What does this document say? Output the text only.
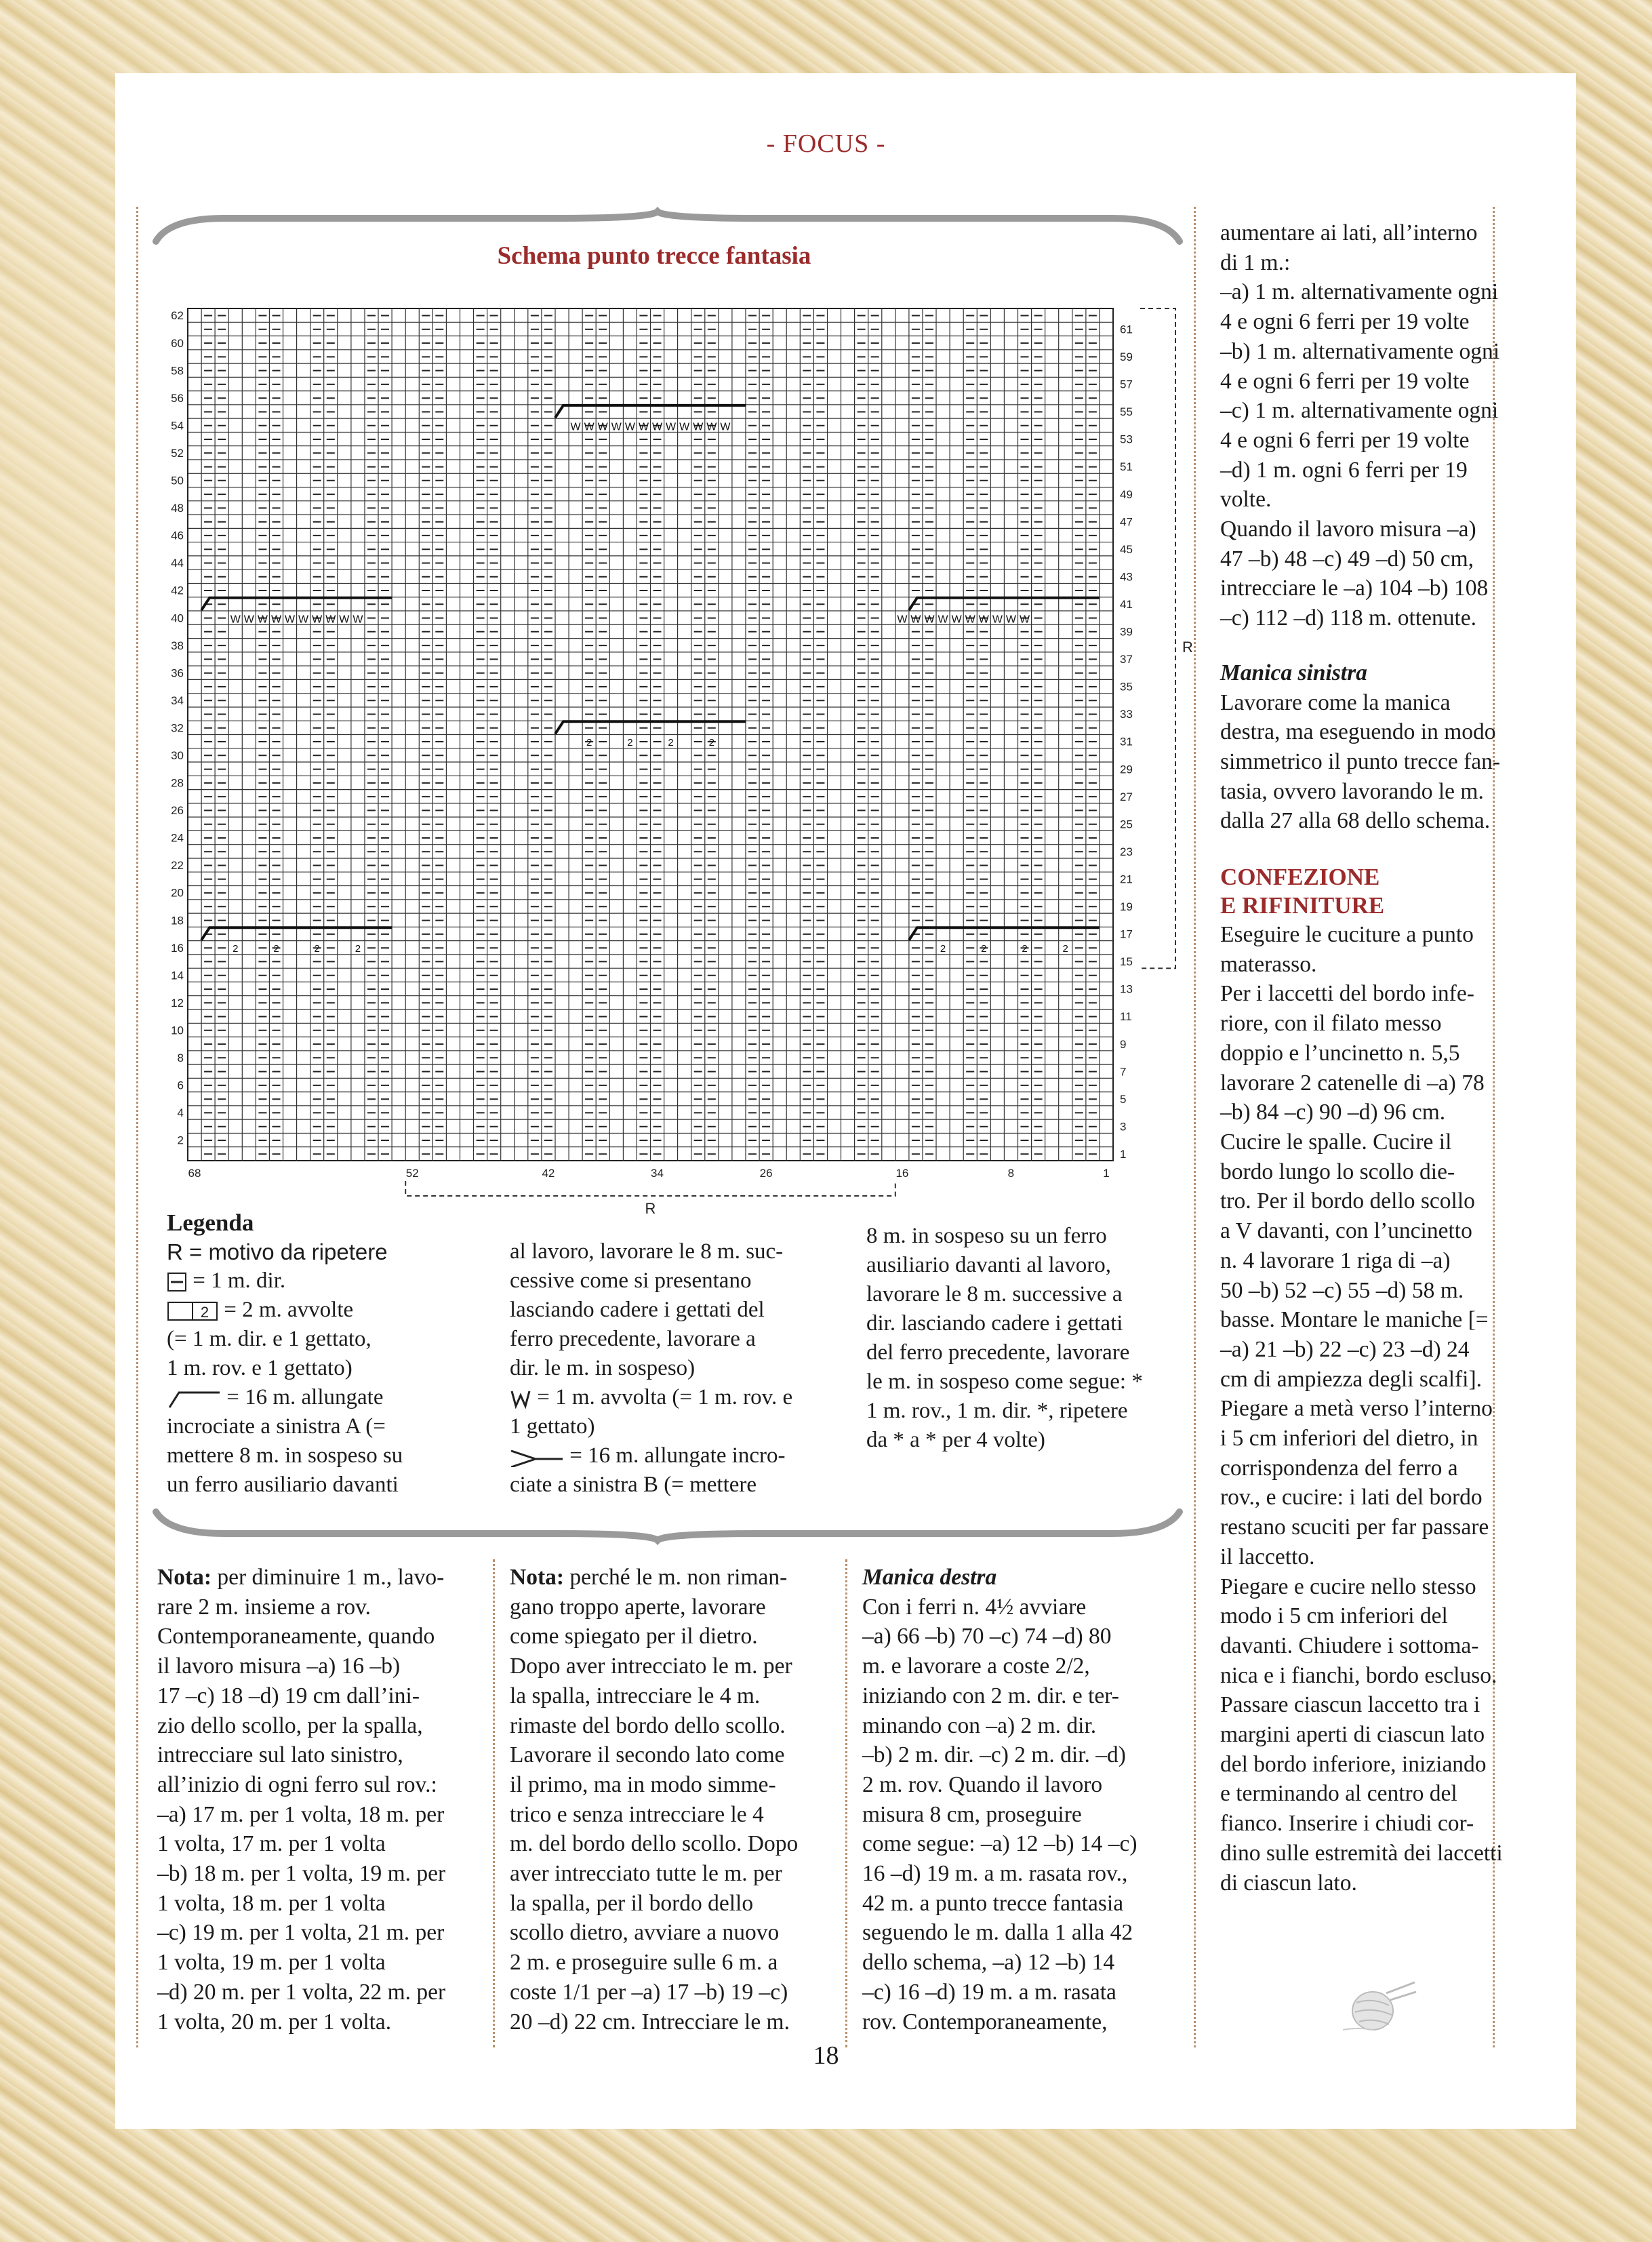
- FOCUS -
2	2	2	2
2	2	2	2
2	2	2	2
W W W W W W W W W W	W W W W W W W W W W
W W W W W W W W W W W W
62
60
58
56
54
52
50
48
46
44
42
40
38
36
34
32
30
28
26
24
22
20
18
16
14
12
10
8
6
4
2
61
59
57
55
53
51
49
47
45
43
41
39
37
35
33
31
29
27
25
23
21
19
17
15
13
11
9
7
5
3
1
68	52	42	34	26	16	8	1
R
R
Schema punto trecce fantasia

Legenda

R = motivo da ripetere

= 1 m. dir.

2 = 2 m. avvolte

(= 1 m. dir. e 1 gettato,

1 m. rov. e 1 gettato)

= 16 m. allungate

incrociate a sinistra A (=

mettere 8 m. in sospeso su

un ferro ausiliario davanti

al lavoro, lavorare le 8 m. suc-

cessive come si presentano

lasciando cadere i gettati del

ferro precedente, lavorare a

dir. le m. in sospeso)

= 1 m. avvolta (= 1 m. rov. e

1 gettato)

= 16 m. allungate incro-

ciate a sinistra B (= mettere

8 m. in sospeso su un ferro

ausiliario davanti al lavoro,

lavorare le 8 m. successive a

dir. lasciando cadere i gettati

del ferro precedente, lavorare

le m. in sospeso come segue: *

1 m. rov., 1 m. dir. *, ripetere

da * a * per 4 volte)

Nota: per diminuire 1 m., lavo-

rare 2 m. insieme a rov.

Contemporaneamente, quando

il lavoro misura –a) 16 –b)

17 –c) 18 –d) 19 cm dall’ini-

zio dello scollo, per la spalla,

intrecciare sul lato sinistro,

all’inizio di ogni ferro sul rov.:

–a) 17 m. per 1 volta, 18 m. per

1 volta, 17 m. per 1 volta

–b) 18 m. per 1 volta, 19 m. per

1 volta, 18 m. per 1 volta

–c) 19 m. per 1 volta, 21 m. per

1 volta, 19 m. per 1 volta

–d) 20 m. per 1 volta, 22 m. per

1 volta, 20 m. per 1 volta.

Nota: perché le m. non riman-

gano troppo aperte, lavorare

come spiegato per il dietro.

Dopo aver intrecciato le m. per

la spalla, intrecciare le 4 m.

rimaste del bordo dello scollo.

Lavorare il secondo lato come

il primo, ma in modo simme-

trico e senza intrecciare le 4

m. del bordo dello scollo. Dopo

aver intrecciato tutte le m. per

la spalla, per il bordo dello

scollo dietro, avviare a nuovo

2 m. e proseguire sulle 6 m. a

coste 1/1 per –a) 17 –b) 19 –c)

20 –d) 22 cm. Intrecciare le m.

Manica destra

Con i ferri n. 4½ avviare

–a) 66 –b) 70 –c) 74 –d) 80

m. e lavorare a coste 2/2,

iniziando con 2 m. dir. e ter-

minando con –a) 2 m. dir.

–b) 2 m. dir. –c) 2 m. dir. –d)

2 m. rov. Quando il lavoro

misura 8 cm, proseguire

come segue: –a) 12 –b) 14 –c)

16 –d) 19 m. a m. rasata rov.,

42 m. a punto trecce fantasia

seguendo le m. dalla 1 alla 42

dello schema, –a) 12 –b) 14

–c) 16 –d) 19 m. a m. rasata

rov. Contemporaneamente,

aumentare ai lati, all’interno

di 1 m.:

–a) 1 m. alternativamente ogni

4 e ogni 6 ferri per 19 volte

–b) 1 m. alternativamente ogni

4 e ogni 6 ferri per 19 volte

–c) 1 m. alternativamente ogni

4 e ogni 6 ferri per 19 volte

–d) 1 m. ogni 6 ferri per 19

volte.

Quando il lavoro misura –a)

47 –b) 48 –c) 49 –d) 50 cm,

intrecciare le –a) 104 –b) 108

–c) 112 –d) 118 m. ottenute.

Manica sinistra

Lavorare come la manica

destra, ma eseguendo in modo

simmetrico il punto trecce fan-

tasia, ovvero lavorando le m.

dalla 27 alla 68 dello schema.

CONFEZIONE
E RIFINITURE

Eseguire le cuciture a punto

materasso.

Per i laccetti del bordo infe-

riore, con il filato messo

doppio e l’uncinetto n. 5,5

lavorare 2 catenelle di –a) 78

–b) 84 –c) 90 –d) 96 cm.

Cucire le spalle. Cucire il

bordo lungo lo scollo die-

tro. Per il bordo dello scollo

a V davanti, con l’uncinetto

n. 4 lavorare 1 riga di –a)

50 –b) 52 –c) 55 –d) 58 m.

basse. Montare le maniche [=

–a) 21 –b) 22 –c) 23 –d) 24

cm di ampiezza degli scalfi].

Piegare a metà verso l’interno

i 5 cm inferiori del dietro, in

corrispondenza del ferro a

rov., e cucire: i lati del bordo

restano scuciti per far passare

il laccetto.

Piegare e cucire nello stesso

modo i 5 cm inferiori del

davanti. Chiudere i sottoma-

nica e i fianchi, bordo escluso.

Passare ciascun laccetto tra i

margini aperti di ciascun lato

del bordo inferiore, iniziando

e terminando al centro del

fianco. Inserire i chiudi cor-

dino sulle estremità dei laccetti

di ciascun lato.

18
